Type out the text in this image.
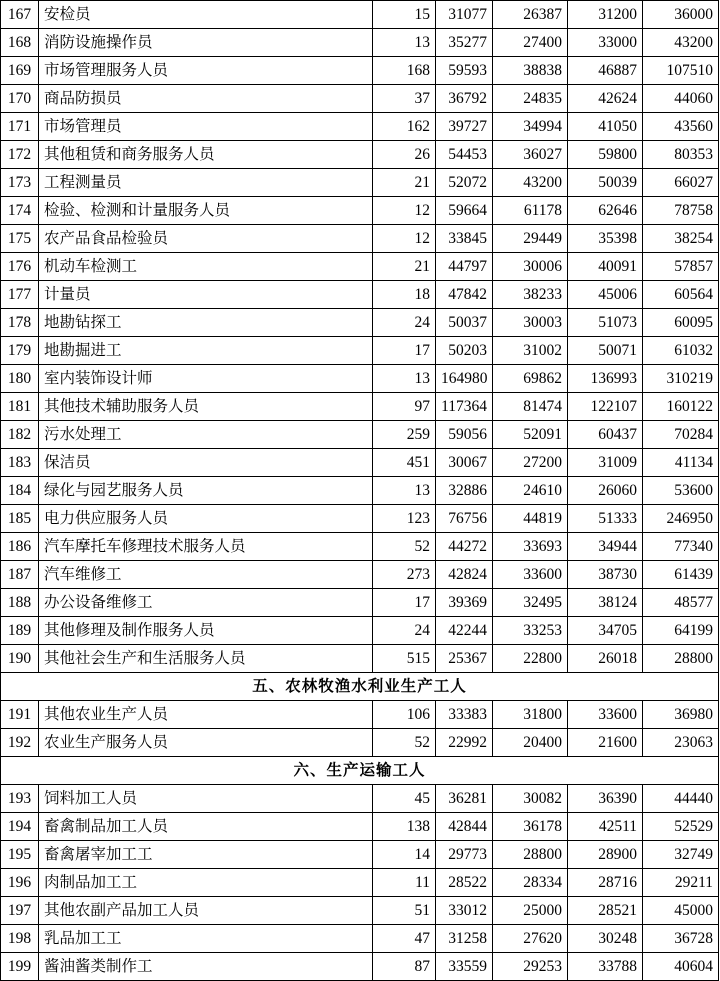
167	安检员	15	31077	26387	31200	36000
168	消防设施操作员	13	35277	27400	33000	43200
169	市场管理服务人员	168	59593	38838	46887	107510
170	商品防损员	37	36792	24835	42624	44060
171	市场管理员	162	39727	34994	41050	43560
172	其他租赁和商务服务人员	26	54453	36027	59800	80353
173	工程测量员	21	52072	43200	50039	66027
174	检验、检测和计量服务人员	12	59664	61178	62646	78758
175	农产品食品检验员	12	33845	29449	35398	38254
176	机动车检测工	21	44797	30006	40091	57857
177	计量员	18	47842	38233	45006	60564
178	地勘钻探工	24	50037	30003	51073	60095
179	地勘掘进工	17	50203	31002	50071	61032
180	室内装饰设计师	13	164980	69862	136993	310219
181	其他技术辅助服务人员	97	117364	81474	122107	160122
182	污水处理工	259	59056	52091	60437	70284
183	保洁员	451	30067	27200	31009	41134
184	绿化与园艺服务人员	13	32886	24610	26060	53600
185	电力供应服务人员	123	76756	44819	51333	246950
186	汽车摩托车修理技术服务人员	52	44272	33693	34944	77340
187	汽车维修工	273	42824	33600	38730	61439
188	办公设备维修工	17	39369	32495	38124	48577
189	其他修理及制作服务人员	24	42244	33253	34705	64199
190	其他社会生产和生活服务人员	515	25367	22800	26018	28800
五、农林牧渔水利业生产工人						
191	其他农业生产人员	106	33383	31800	33600	36980
192	农业生产服务人员	52	22992	20400	21600	23063
六、生产运输工人						
193	饲料加工人员	45	36281	30082	36390	44440
194	畜禽制品加工人员	138	42844	36178	42511	52529
195	畜禽屠宰加工工	14	29773	28800	28900	32749
196	肉制品加工工	11	28522	28334	28716	29211
197	其他农副产品加工人员	51	33012	25000	28521	45000
198	乳品加工工	47	31258	27620	30248	36728
199	酱油酱类制作工	87	33559	29253	33788	40604
